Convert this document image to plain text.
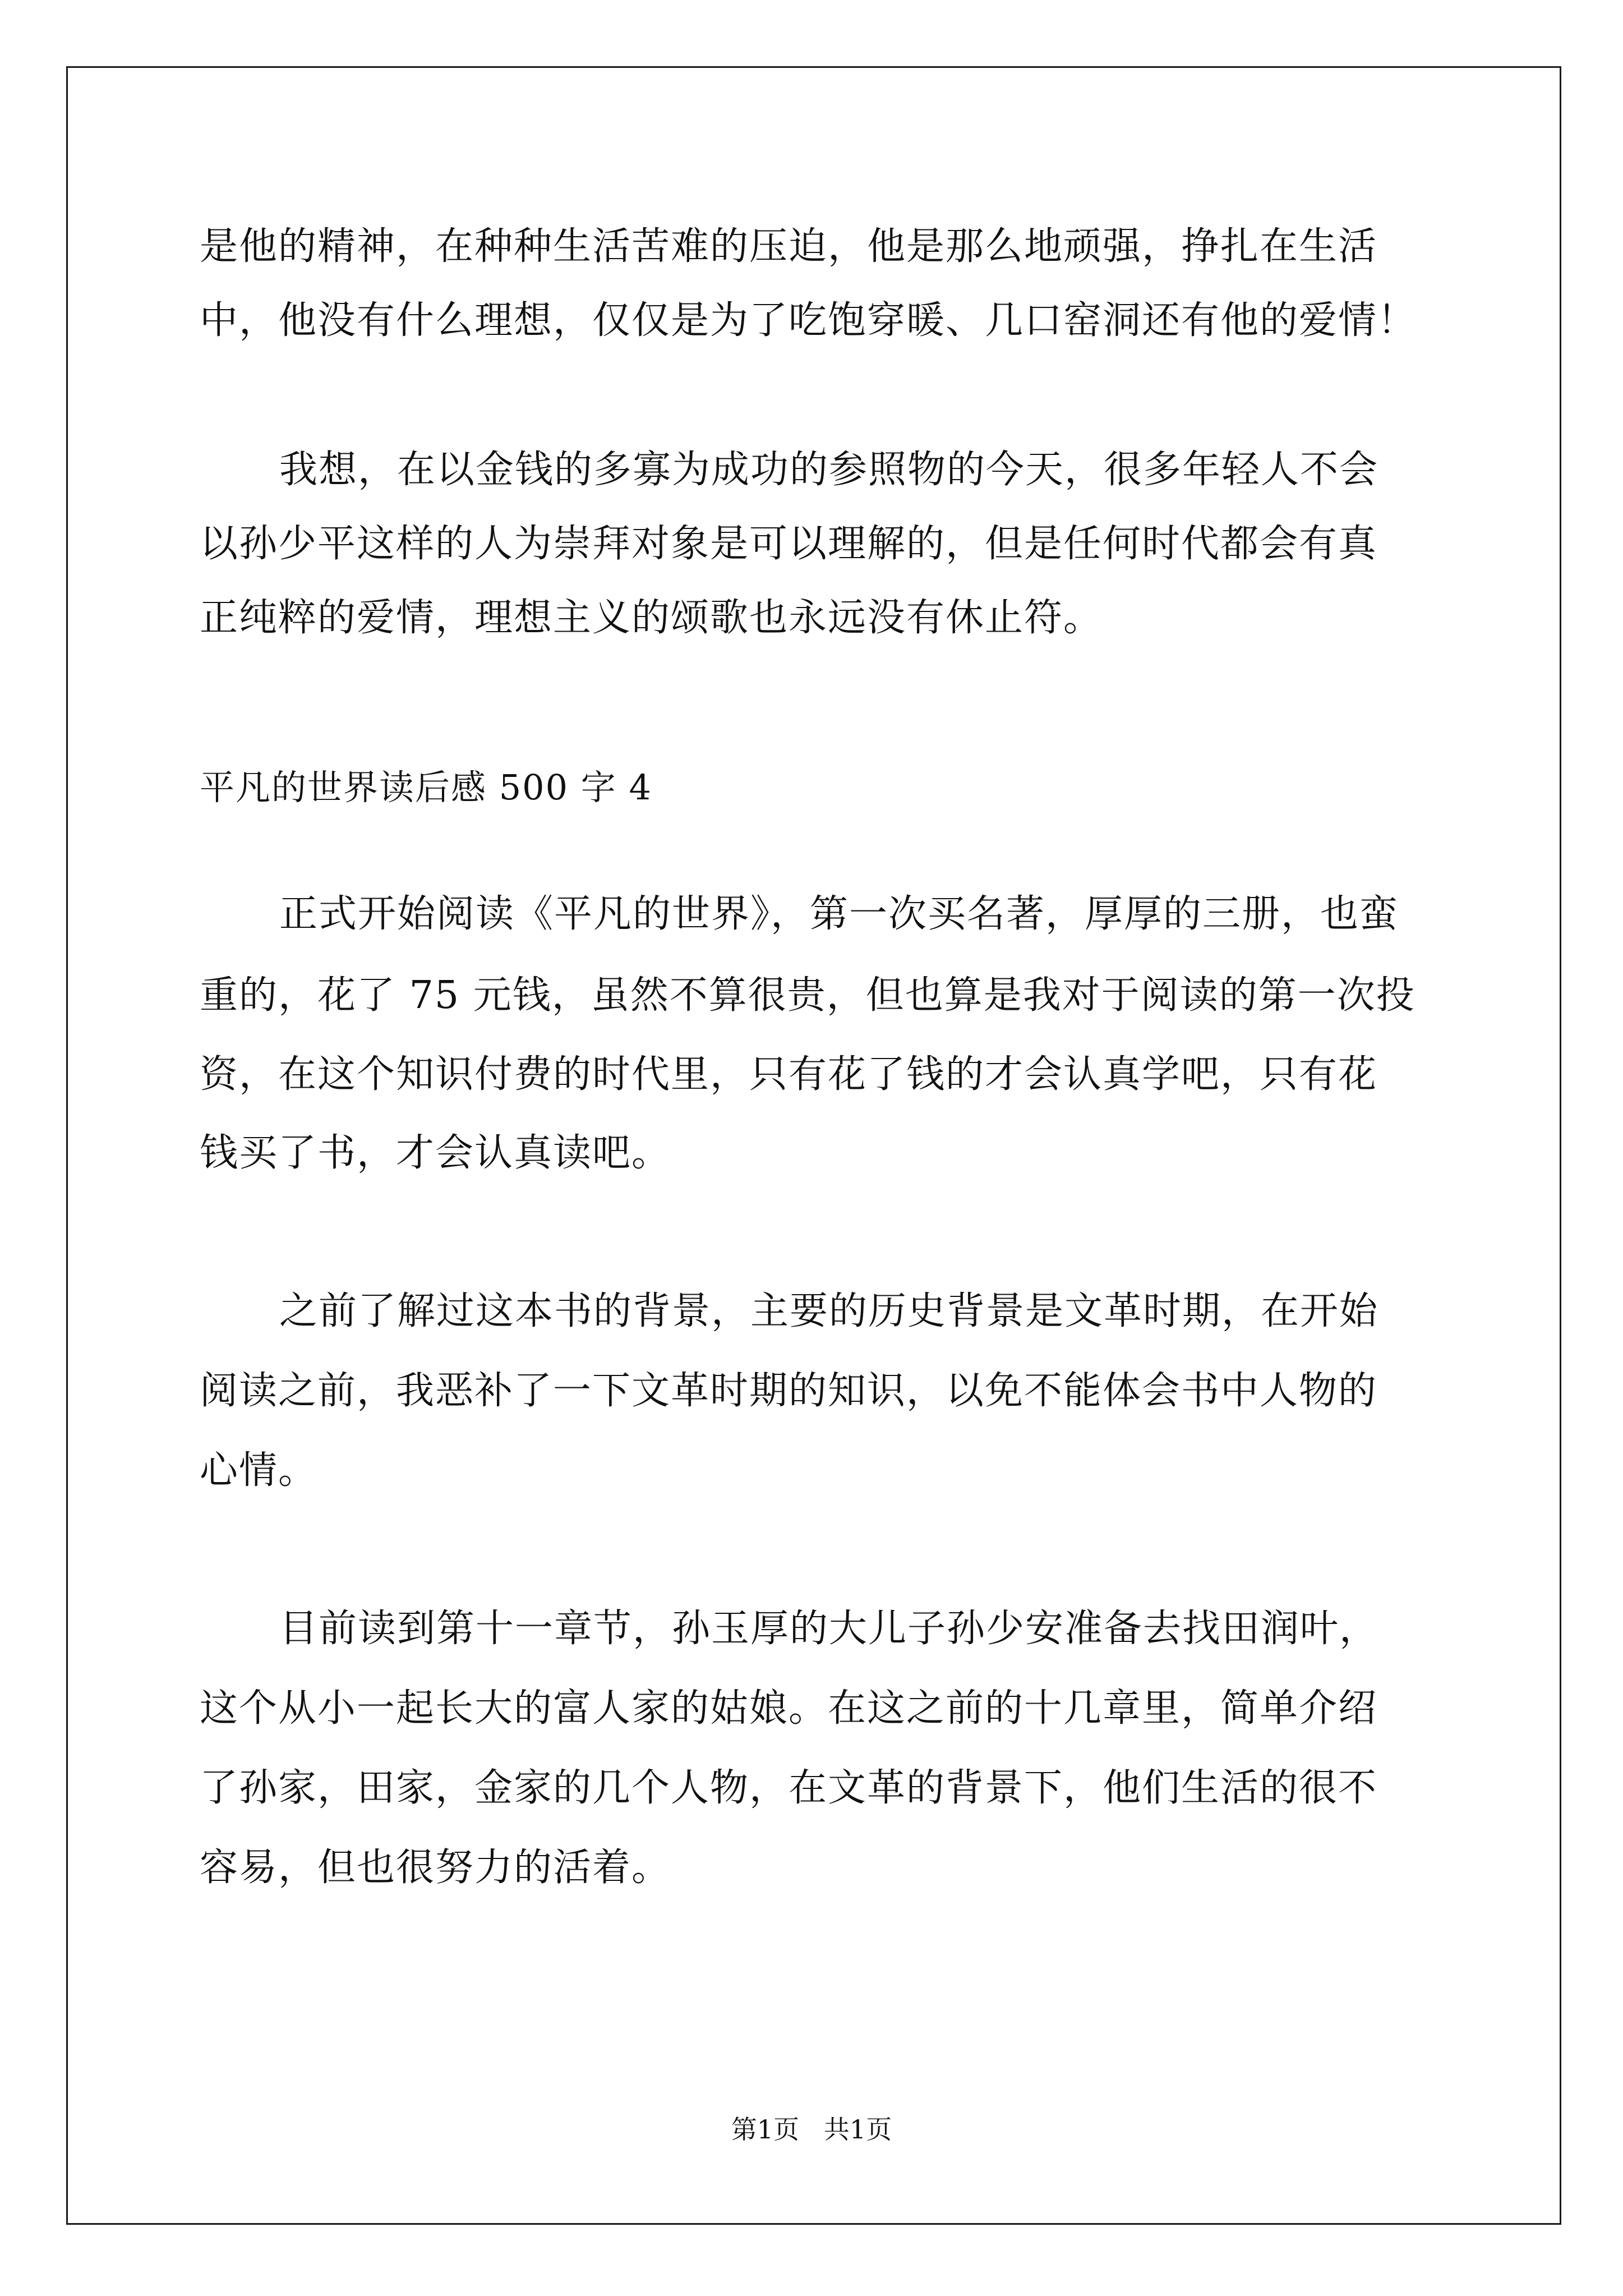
是他的精神，在种种生活苦难的压迫，他是那么地顽强，挣扎在生活
中，他没有什么理想，仅仅是为了吃饱穿暖、几口窑洞还有他的爱情！
我想，在以金钱的多寡为成功的参照物的今天，很多年轻人不会
以孙少平这样的人为崇拜对象是可以理解的，但是任何时代都会有真
正纯粹的爱情，理想主义的颂歌也永远没有休止符。
平凡的世界读后感 500 字 4
正式开始阅读《平凡的世界》，第一次买名著，厚厚的三册，也蛮
重的，花了 75 元钱，虽然不算很贵，但也算是我对于阅读的第一次投
资，在这个知识付费的时代里，只有花了钱的才会认真学吧，只有花
钱买了书，才会认真读吧。
之前了解过这本书的背景，主要的历史背景是文革时期，在开始
阅读之前，我恶补了一下文革时期的知识，以免不能体会书中人物的
心情。
目前读到第十一章节，孙玉厚的大儿子孙少安准备去找田润叶，
这个从小一起长大的富人家的姑娘。在这之前的十几章里，简单介绍
了孙家，田家，金家的几个人物，在文革的背景下，他们生活的很不
容易，但也很努力的活着。
第1页   共1页
